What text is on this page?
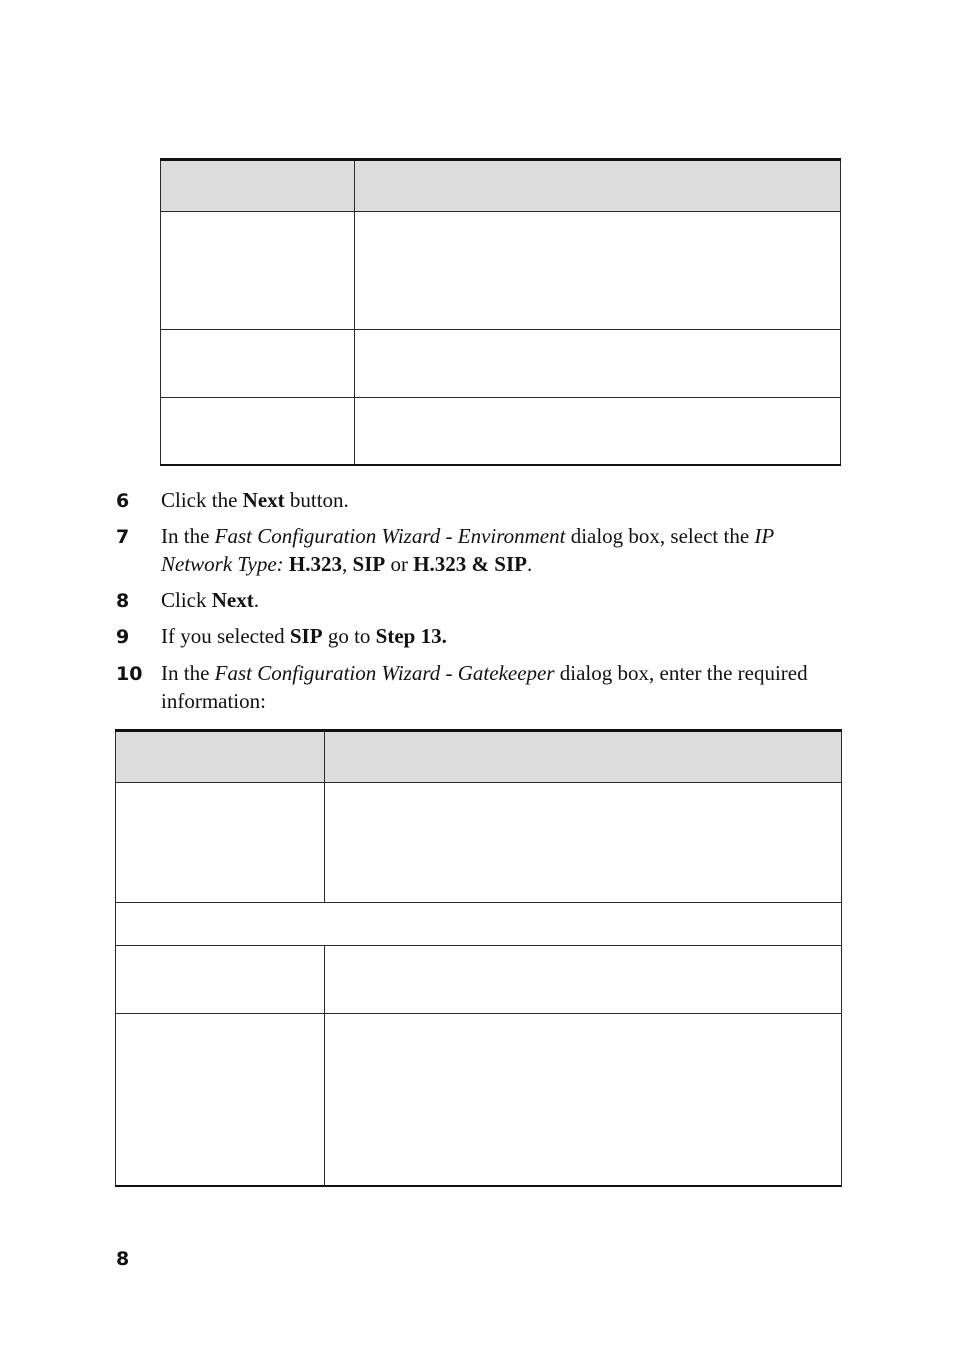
6 Click the Next button.
7 In the Fast Configuration Wizard - Environment dialog box, select the IP Network Type: H.323, SIP or H.323 & SIP.
8 Click Next.
9 If you selected SIP go to Step 13.
10 In the Fast Configuration Wizard - Gatekeeper dialog box, enter the required information:

8
